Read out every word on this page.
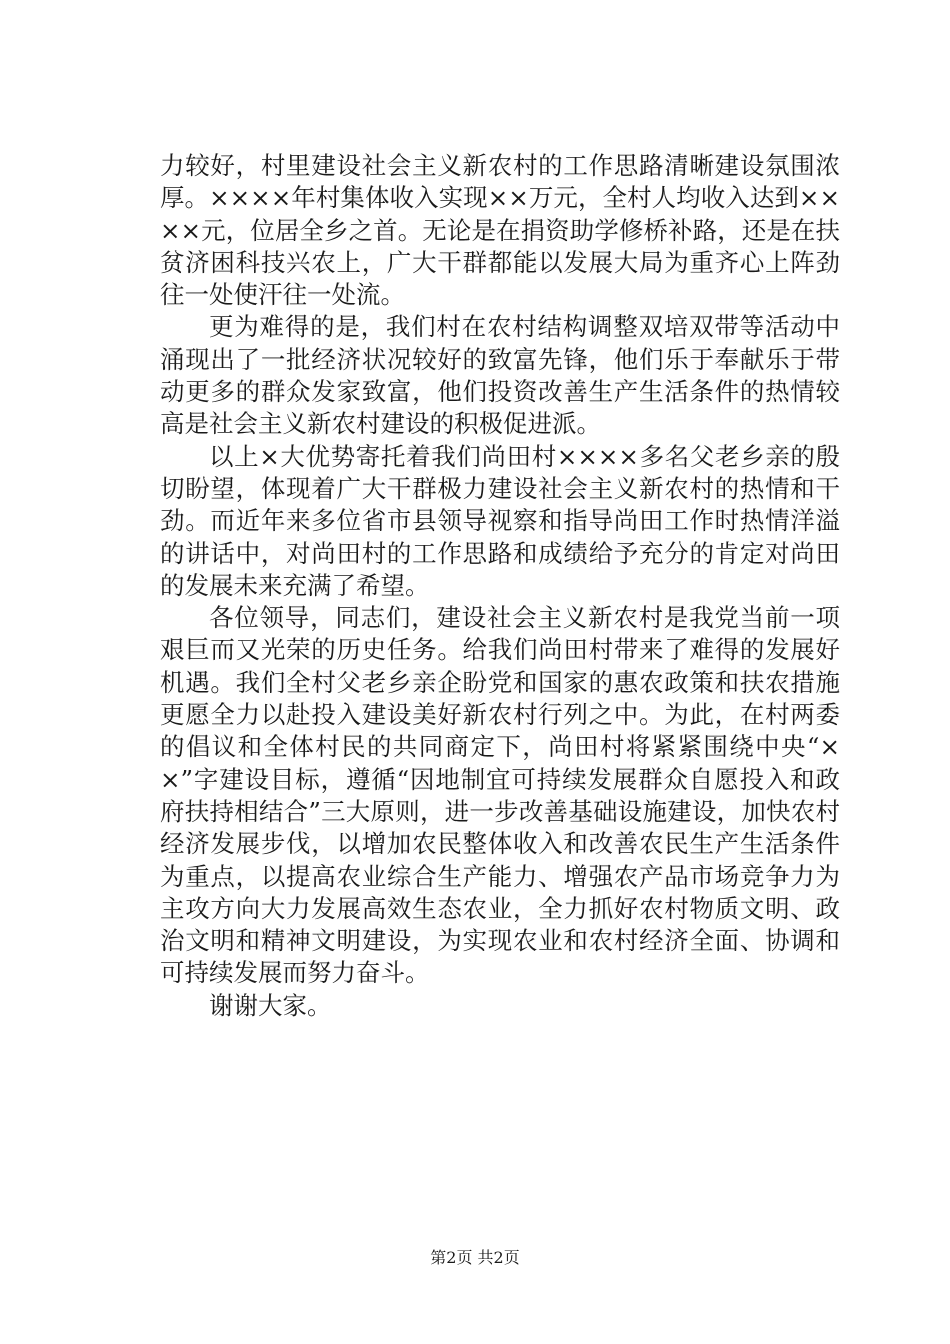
力较好，村里建设社会主义新农村的工作思路清晰建设氛围浓厚。××××年村集体收入实现××万元，全村人均收入达到××××元，位居全乡之首。无论是在捐资助学修桥补路，还是在扶贫济困科技兴农上，广大干群都能以发展大局为重齐心上阵劲往一处使汗往一处流。

更为难得的是，我们村在农村结构调整双培双带等活动中涌现出了一批经济状况较好的致富先锋，他们乐于奉献乐于带动更多的群众发家致富，他们投资改善生产生活条件的热情较高是社会主义新农村建设的积极促进派。

以上×大优势寄托着我们尚田村××××多名父老乡亲的殷切盼望，体现着广大干群极力建设社会主义新农村的热情和干劲。而近年来多位省市县领导视察和指导尚田工作时热情洋溢的讲话中，对尚田村的工作思路和成绩给予充分的肯定对尚田的发展未来充满了希望。

各位领导，同志们，建设社会主义新农村是我党当前一项艰巨而又光荣的历史任务。给我们尚田村带来了难得的发展好机遇。我们全村父老乡亲企盼党和国家的惠农政策和扶农措施更愿全力以赴投入建设美好新农村行列之中。为此，在村两委的倡议和全体村民的共同商定下，尚田村将紧紧围绕中央“××”字建设目标，遵循“因地制宜可持续发展群众自愿投入和政府扶持相结合”三大原则，进一步改善基础设施建设，加快农村经济发展步伐，以增加农民整体收入和改善农民生产生活条件为重点，以提高农业综合生产能力、增强农产品市场竞争力为主攻方向大力发展高效生态农业，全力抓好农村物质文明、政治文明和精神文明建设，为实现农业和农村经济全面、协调和可持续发展而努力奋斗。

谢谢大家。

第2页 共2页
